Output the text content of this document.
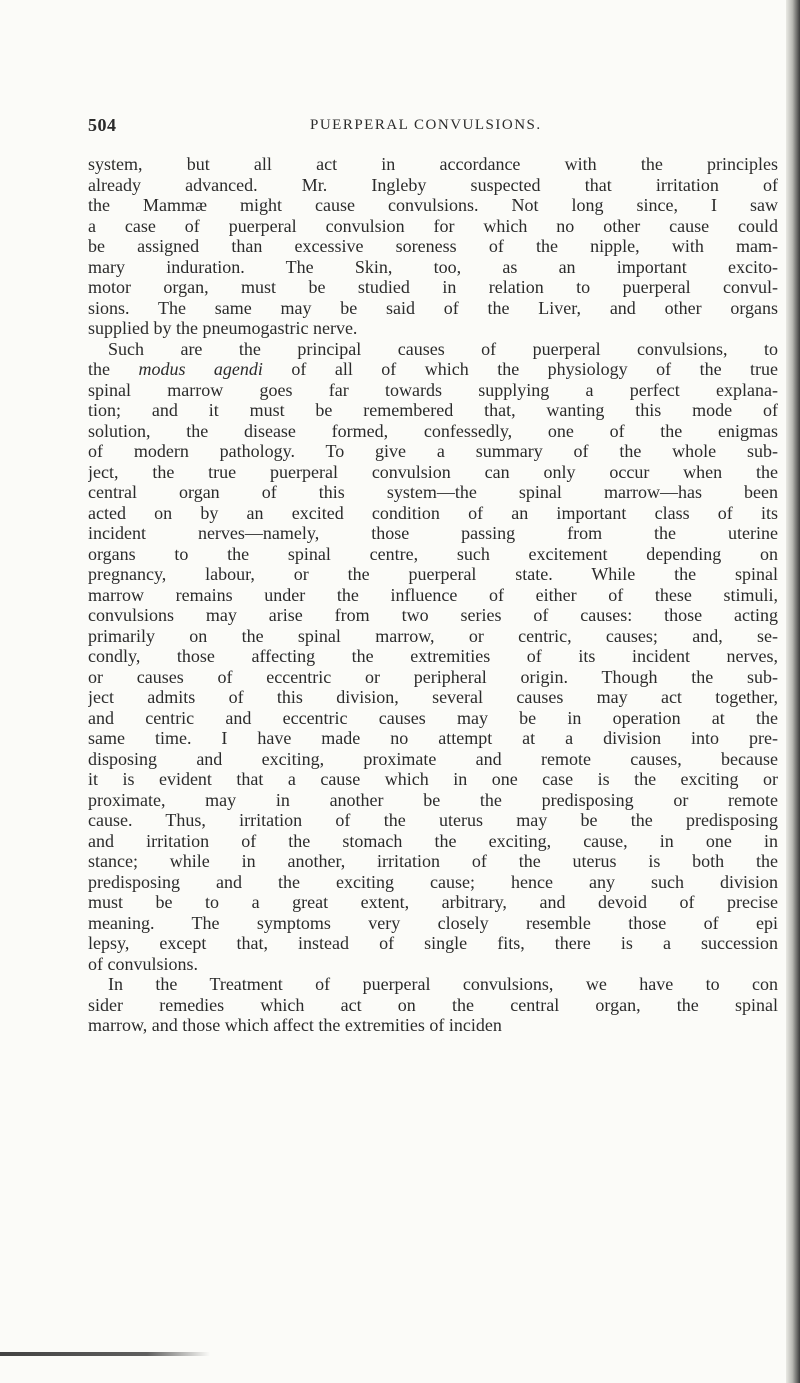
504	PUERPERAL CONVULSIONS.
system, but all act in accordance with the principles
already advanced. Mr. Ingleby suspected that irritation of
the Mammæ might cause convulsions. Not long since, I saw
a case of puerperal convulsion for which no other cause could
be assigned than excessive soreness of the nipple, with mam-
mary induration. The Skin, too, as an important excito-
motor organ, must be studied in relation to puerperal convul-
sions. The same may be said of the Liver, and other organs
supplied by the pneumogastric nerve.
Such are the principal causes of puerperal convulsions, to
the modus agendi of all of which the physiology of the true
spinal marrow goes far towards supplying a perfect explana-
tion; and it must be remembered that, wanting this mode of
solution, the disease formed, confessedly, one of the enigmas
of modern pathology. To give a summary of the whole sub-
ject, the true puerperal convulsion can only occur when the
central organ of this system—the spinal marrow—has been
acted on by an excited condition of an important class of its
incident nerves—namely, those passing from the uterine
organs to the spinal centre, such excitement depending on
pregnancy, labour, or the puerperal state. While the spinal
marrow remains under the influence of either of these stimuli,
convulsions may arise from two series of causes: those acting
primarily on the spinal marrow, or centric, causes; and, se-
condly, those affecting the extremities of its incident nerves,
or causes of eccentric or peripheral origin. Though the sub-
ject admits of this division, several causes may act together,
and centric and eccentric causes may be in operation at the
same time. I have made no attempt at a division into pre-
disposing and exciting, proximate and remote causes, because
it is evident that a cause which in one case is the exciting or
proximate, may in another be the predisposing or remote
cause. Thus, irritation of the uterus may be the predisposing
and irritation of the stomach the exciting, cause, in one in
stance; while in another, irritation of the uterus is both the
predisposing and the exciting cause; hence any such division
must be to a great extent, arbitrary, and devoid of precise
meaning. The symptoms very closely resemble those of epi
lepsy, except that, instead of single fits, there is a succession
of convulsions.
In the Treatment of puerperal convulsions, we have to con
sider remedies which act on the central organ, the spinal
marrow, and those which affect the extremities of inciden
